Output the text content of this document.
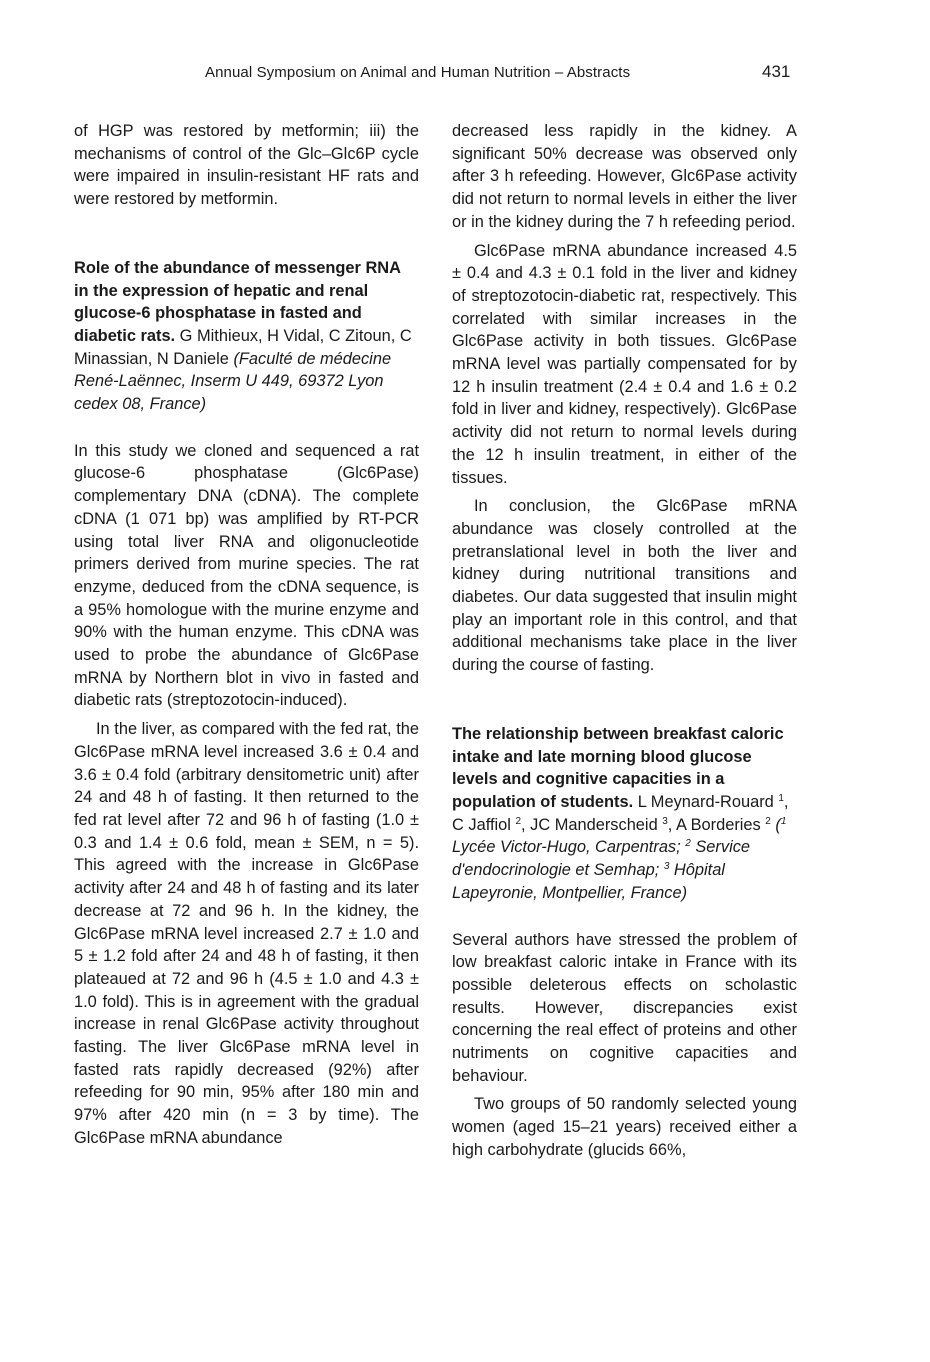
Annual Symposium on Animal and Human Nutrition – Abstracts	431

of HGP was restored by metformin; iii) the mechanisms of control of the Glc–Glc6P cycle were impaired in insulin-resistant HF rats and were restored by metformin.

Role of the abundance of messenger RNA in the expression of hepatic and renal glucose-6 phosphatase in fasted and diabetic rats. G Mithieux, H Vidal, C Zitoun, C Minassian, N Daniele (Faculté de médecine René-Laënnec, Inserm U 449, 69372 Lyon cedex 08, France)

In this study we cloned and sequenced a rat glucose-6 phosphatase (Glc6Pase) complementary DNA (cDNA). The complete cDNA (1 071 bp) was amplified by RT-PCR using total liver RNA and oligonucleotide primers derived from murine species. The rat enzyme, deduced from the cDNA sequence, is a 95% homologue with the murine enzyme and 90% with the human enzyme. This cDNA was used to probe the abundance of Glc6Pase mRNA by Northern blot in vivo in fasted and diabetic rats (streptozotocin-induced).

In the liver, as compared with the fed rat, the Glc6Pase mRNA level increased 3.6 ± 0.4 and 3.6 ± 0.4 fold (arbitrary densitometric unit) after 24 and 48 h of fasting. It then returned to the fed rat level after 72 and 96 h of fasting (1.0 ± 0.3 and 1.4 ± 0.6 fold, mean ± SEM, n = 5). This agreed with the increase in Glc6Pase activity after 24 and 48 h of fasting and its later decrease at 72 and 96 h. In the kidney, the Glc6Pase mRNA level increased 2.7 ± 1.0 and 5 ± 1.2 fold after 24 and 48 h of fasting, it then plateaued at 72 and 96 h (4.5 ± 1.0 and 4.3 ± 1.0 fold). This is in agreement with the gradual increase in renal Glc6Pase activity throughout fasting. The liver Glc6Pase mRNA level in fasted rats rapidly decreased (92%) after refeeding for 90 min, 95% after 180 min and 97% after 420 min (n = 3 by time). The Glc6Pase mRNA abundance

decreased less rapidly in the kidney. A significant 50% decrease was observed only after 3 h refeeding. However, Glc6Pase activity did not return to normal levels in either the liver or in the kidney during the 7 h refeeding period.

Glc6Pase mRNA abundance increased 4.5 ± 0.4 and 4.3 ± 0.1 fold in the liver and kidney of streptozotocin-diabetic rat, respectively. This correlated with similar increases in the Glc6Pase activity in both tissues. Glc6Pase mRNA level was partially compensated for by 12 h insulin treatment (2.4 ± 0.4 and 1.6 ± 0.2 fold in liver and kidney, respectively). Glc6Pase activity did not return to normal levels during the 12 h insulin treatment, in either of the tissues.

In conclusion, the Glc6Pase mRNA abundance was closely controlled at the pretranslational level in both the liver and kidney during nutritional transitions and diabetes. Our data suggested that insulin might play an important role in this control, and that additional mechanisms take place in the liver during the course of fasting.

The relationship between breakfast caloric intake and late morning blood glucose levels and cognitive capacities in a population of students. L Meynard-Rouard $^1$, C Jaffiol $^2$, JC Manderscheid $^3$, A Borderies $^2$ ($^1$ Lycée Victor-Hugo, Carpentras; $^2$ Service d'endocrinologie et Semhap; $^3$ Hôpital Lapeyronie, Montpellier, France)

Several authors have stressed the problem of low breakfast caloric intake in France with its possible deleterous effects on scholastic results. However, discrepancies exist concerning the real effect of proteins and other nutriments on cognitive capacities and behaviour.

Two groups of 50 randomly selected young women (aged 15–21 years) received either a high carbohydrate (glucids 66%,
